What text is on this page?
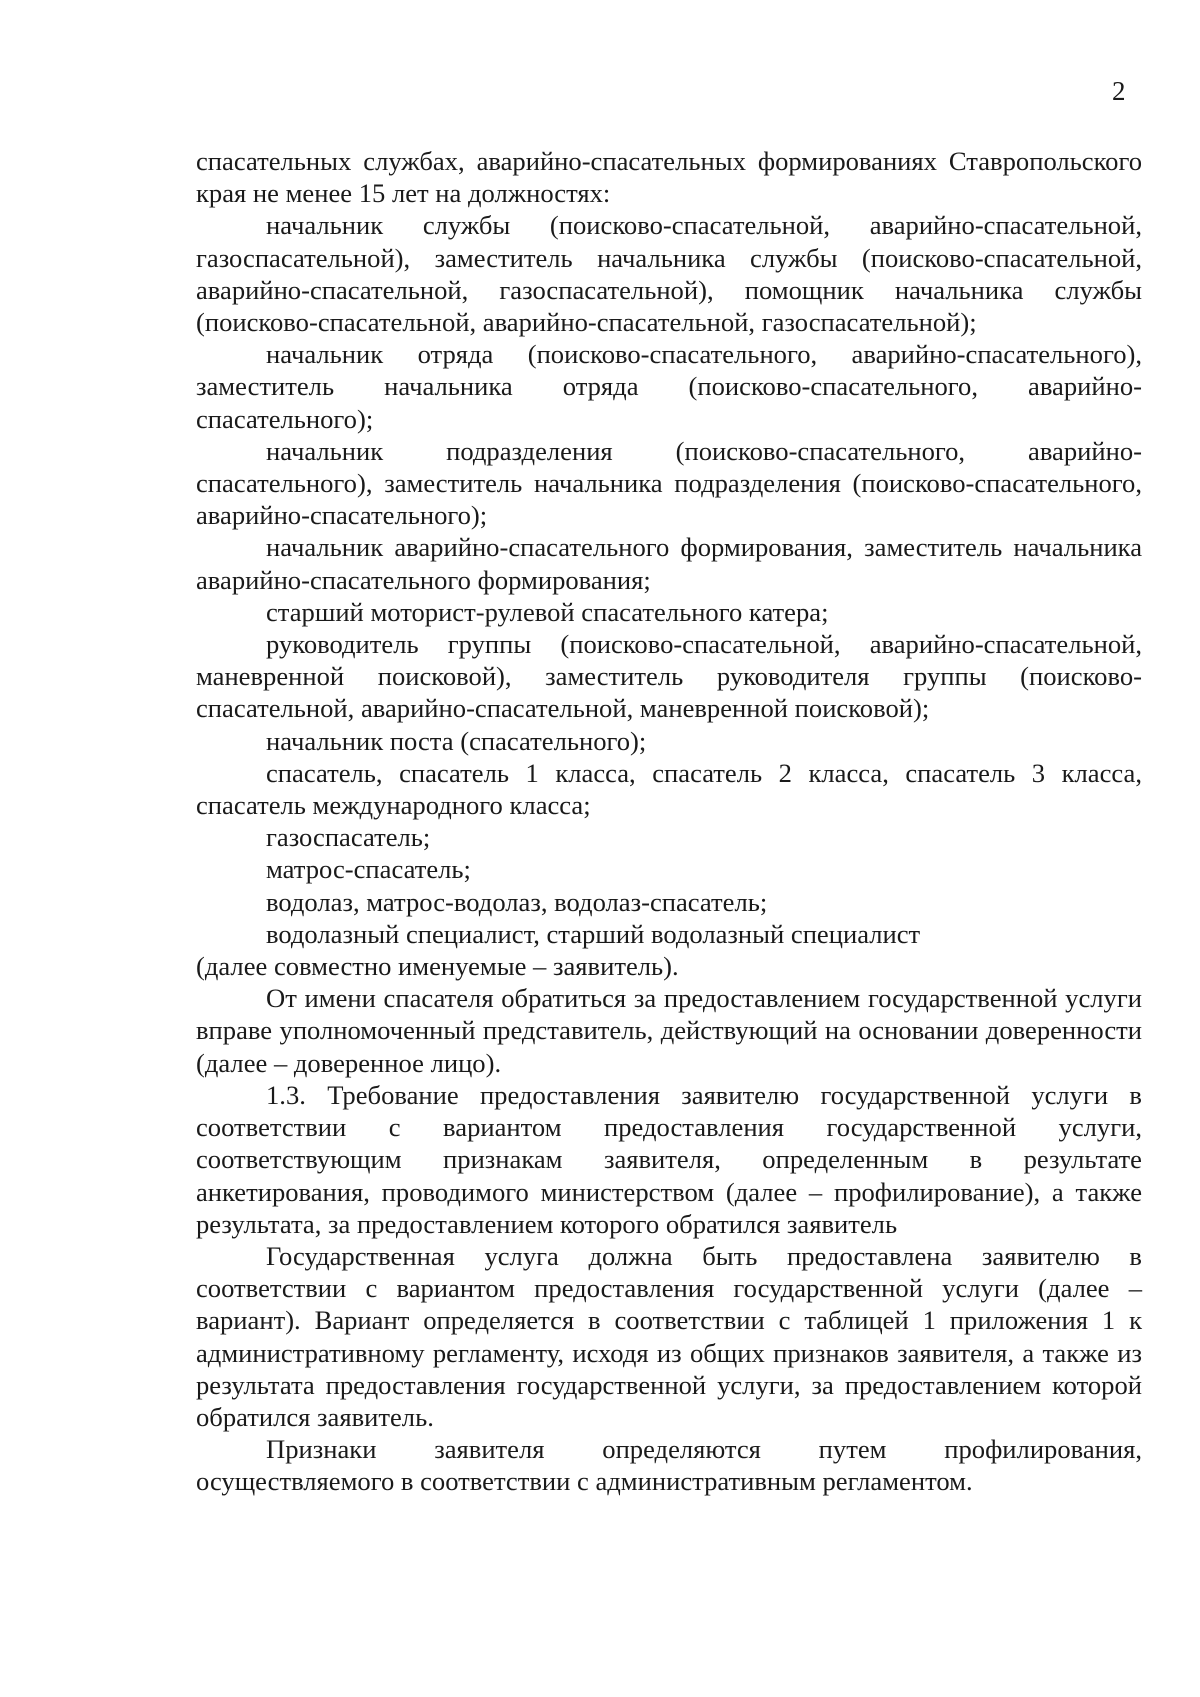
2

спасательных службах, аварийно-спасательных формированиях Ставропольского края не менее 15 лет на должностях:

начальник службы (поисково-спасательной, аварийно-спасательной, газоспасательной), заместитель начальника службы (поисково-спасательной, аварийно-спасательной, газоспасательной), помощник начальника службы (поисково-спасательной, аварийно-спасательной, газоспасательной);

начальник отряда (поисково-спасательного, аварийно-спасательного), заместитель начальника отряда (поисково-спасательного, аварийно-спасательного);

начальник подразделения (поисково-спасательного, аварийно-спасательного), заместитель начальника подразделения (поисково-спасательного, аварийно-спасательного);

начальник аварийно-спасательного формирования, заместитель начальника аварийно-спасательного формирования;

старший моторист-рулевой спасательного катера;

руководитель группы (поисково-спасательной, аварийно-спасательной, маневренной поисковой), заместитель руководителя группы (поисково-спасательной, аварийно-спасательной, маневренной поисковой);

начальник поста (спасательного);

спасатель, спасатель 1 класса, спасатель 2 класса, спасатель 3 класса, спасатель международного класса;

газоспасатель;

матрос-спасатель;

водолаз, матрос-водолаз, водолаз-спасатель;

водолазный специалист, старший водолазный специалист

(далее совместно именуемые – заявитель).

От имени спасателя обратиться за предоставлением государственной услуги вправе уполномоченный представитель, действующий на основании доверенности (далее – доверенное лицо).

1.3. Требование предоставления заявителю государственной услуги в соответствии с вариантом предоставления государственной услуги, соответствующим признакам заявителя, определенным в результате анкетирования, проводимого министерством (далее – профилирование), а также результата, за предоставлением которого обратился заявитель

Государственная услуга должна быть предоставлена заявителю в соответствии с вариантом предоставления государственной услуги (далее – вариант). Вариант определяется в соответствии с таблицей 1 приложения 1 к административному регламенту, исходя из общих признаков заявителя, а также из результата предоставления государственной услуги, за предоставлением которой обратился заявитель.

Признаки заявителя определяются путем профилирования, осуществляемого в соответствии с административным регламентом.
